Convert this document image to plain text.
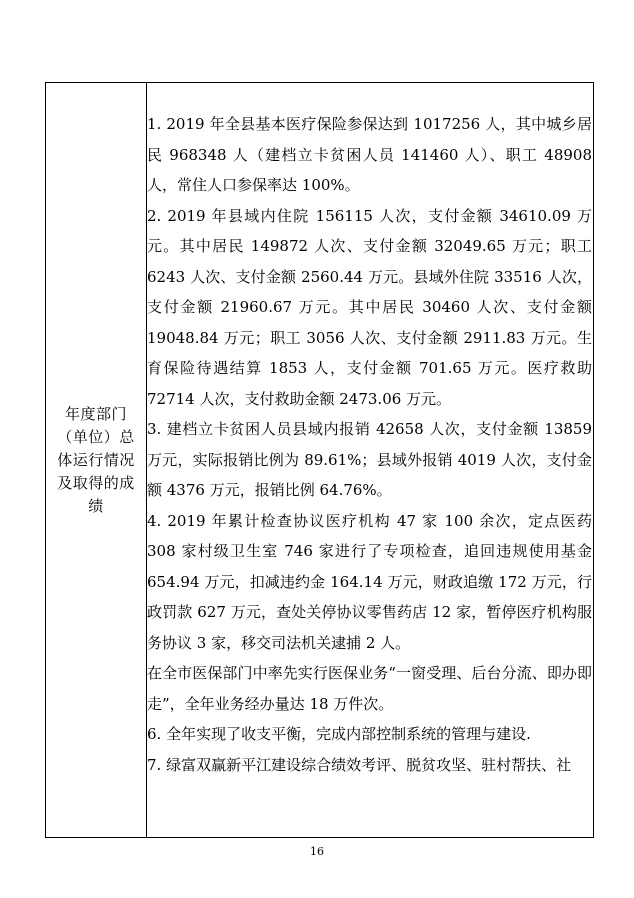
年度部门（单位）总体运行情况及取得的成绩

1. 2019 年全县基本医疗保险参保达到 1017256 人，其中城乡居民 968348 人（建档立卡贫困人员 141460 人）、职工 48908 人，常住人口参保率达 100%。

2. 2019 年县域内住院 156115 人次，支付金额 34610.09 万元。其中居民 149872 人次、支付金额 32049.65 万元；职工 6243 人次、支付金额 2560.44 万元。县域外住院 33516 人次，支付金额 21960.67 万元。其中居民 30460 人次、支付金额 19048.84 万元；职工 3056 人次、支付金额 2911.83 万元。生育保险待遇结算 1853 人，支付金额 701.65 万元。医疗救助 72714 人次，支付救助金额 2473.06 万元。

3. 建档立卡贫困人员县域内报销 42658 人次，支付金额 13859 万元，实际报销比例为 89.61%；县域外报销 4019 人次，支付金额 4376 万元，报销比例 64.76%。

4. 2019 年累计检查协议医疗机构 47 家 100 余次，定点医药 308 家村级卫生室 746 家进行了专项检查，追回违规使用基金 654.94 万元，扣减违约金 164.14 万元，财政追缴 172 万元，行政罚款 627 万元，查处关停协议零售药店 12 家，暂停医疗机构服务协议 3 家，移交司法机关逮捕 2 人。

在全市医保部门中率先实行医保业务“一窗受理、后台分流、即办即走”，全年业务经办量达 18 万件次。

6. 全年实现了收支平衡，完成内部控制系统的管理与建设.

7. 绿富双赢新平江建设综合绩效考评、脱贫攻坚、驻村帮扶、社

16
